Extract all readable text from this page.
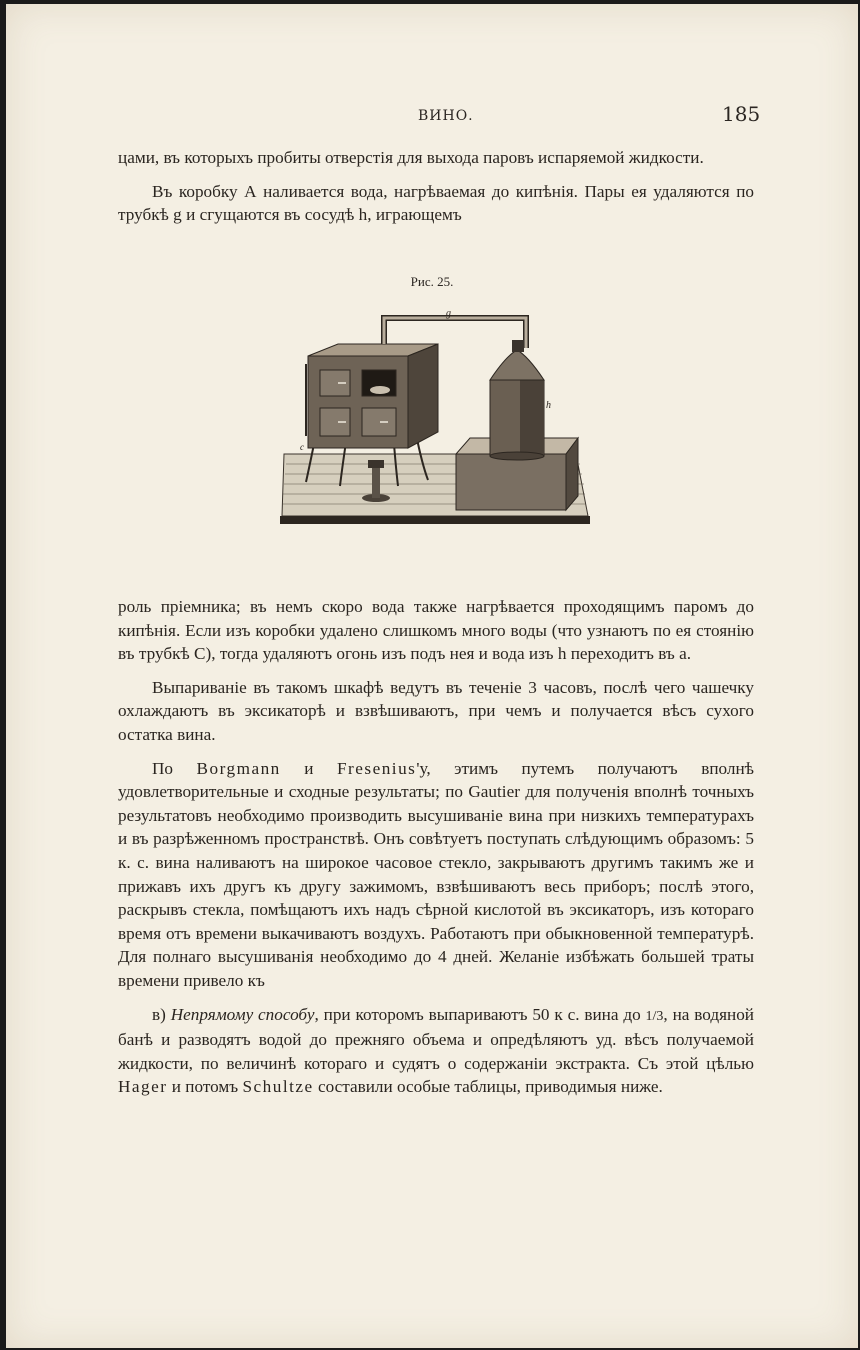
ВИНО.	185

цами, въ которыхъ пробиты отверстія для выхода паровъ испаряемой жидкости.

Въ коробку А наливается вода, нагрѣваемая до кипѣнія. Пары ея удаляются по трубкѣ g и сгущаются въ сосудѣ h, играющемъ

Рис. 25.
g
h
c

роль пріемника; въ немъ скоро вода также нагрѣвается проходящимъ паромъ до кипѣнія. Если изъ коробки удалено слишкомъ много воды (что узнаютъ по ея стоянію въ трубкѣ С), тогда удаляютъ огонь изъ подъ нея и вода изъ h переходитъ въ а.

Выпариваніе въ такомъ шкафѣ ведутъ въ теченіе 3 часовъ, послѣ чего чашечку охлаждаютъ въ эксикаторѣ и взвѣшиваютъ, при чемъ и получается вѣсъ сухого остатка вина.

По Borgmann и Fresenius'у, этимъ путемъ получаютъ вполнѣ удовлетворительные и сходные результаты; по Gautier для полученія вполнѣ точныхъ результатовъ необходимо производить высушиваніе вина при низкихъ температурахъ и въ разрѣженномъ пространствѣ. Онъ совѣтуетъ поступать слѣдующимъ образомъ: 5 к. с. вина наливаютъ на широкое часовое стекло, закрываютъ другимъ такимъ же и прижавъ ихъ другъ къ другу зажимомъ, взвѣшиваютъ весь приборъ; послѣ этого, раскрывъ стекла, помѣщаютъ ихъ надъ сѣрной кислотой въ эксикаторъ, изъ котораго время отъ времени выкачиваютъ воздухъ. Работаютъ при обыкновенной температурѣ. Для полнаго высушиванія необходимо до 4 дней. Желаніе избѣжать большей траты времени привело къ

в) Непрямому способу, при которомъ выпариваютъ 50 к с. вина до 1/3, на водяной банѣ и разводятъ водой до прежняго объема и опредѣляютъ уд. вѣсъ получаемой жидкости, по величинѣ котораго и судятъ о содержаніи экстракта. Съ этой цѣлью Hager и потомъ Schultze составили особые таблицы, приводимыя ниже.
